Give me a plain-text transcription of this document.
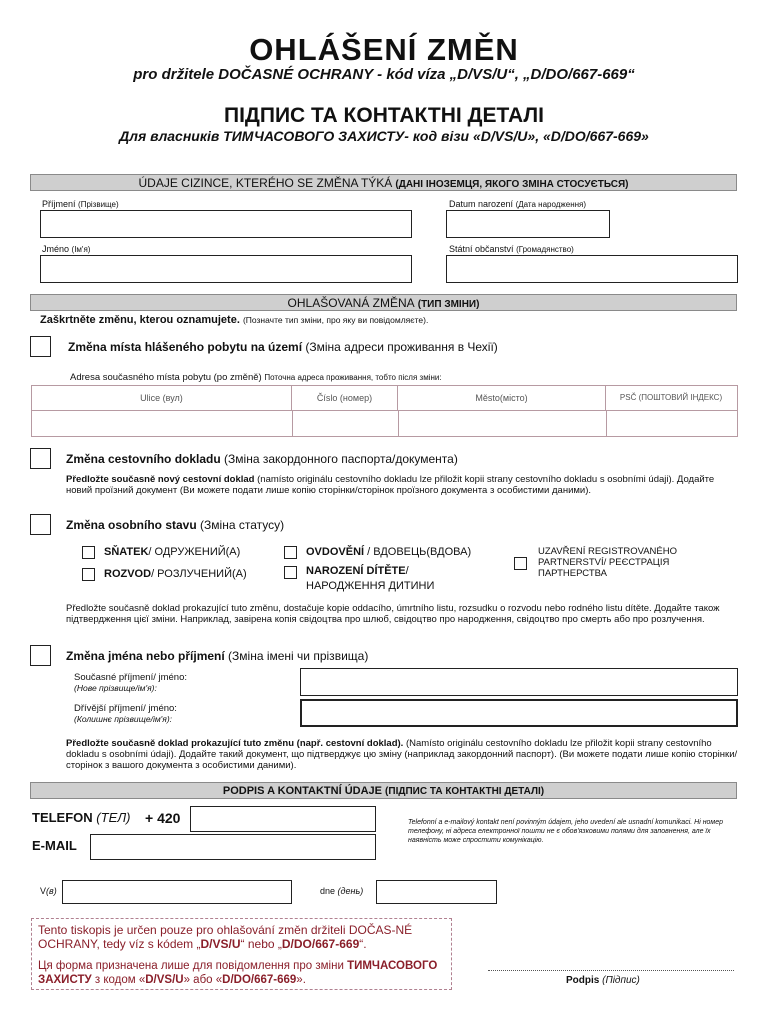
OHLÁŠENÍ ZMĚN
pro držitele DOČASNÉ OCHRANY - kód víza „D/VS/U“, „D/DO/667-669“
ПІДПИС ТА КОНТАКТНІ ДЕТАЛІ
Для власників ТИМЧАСОВОГО ЗАХИСТУ- код візи «D/VS/U», «D/DO/667-669»
ÚDAJE CIZINCE, KTERÉHO SE ZMĚNA TÝKÁ (ДАНІ ІНОЗЕМЦЯ, ЯКОГО ЗМІНА СТОСУЄТЬСЯ)
Příjmení (Прізвище)	Datum narození (Дата народження)
Jméno (Ім'я)	Státní občanství (Громадянство)
OHLAŠOVANÁ ZMĚNA (ТИП ЗМІНИ)
Zaškrtněte změnu, kterou oznamujete. (Позначте тип зміни, про яку ви повідомляєте).
Změna místa hlášeného pobytu na území (Зміна адреси проживання в Чехії)
Adresa současného místa pobytu (po změně) Поточна адреса проживання, тобто після зміни:
Ulice (вул)	Číslo (номер)	Město(місто)	PSČ (ПОШТОВИЙ ІНДЕКС)
Změna cestovního dokladu (Зміна закордонного паспорта/документа)
Předložte současně nový cestovní doklad (namísto originálu cestovního dokladu lze přiložit kopii strany cestovního dokladu s osobními údaji). Додайте новий проїзний документ (Ви можете подати лише копію сторінки/сторінок проїзного документа з особистими даними).
Změna osobního stavu (Зміна статусу)
SŇATEK/ ОДРУЖЕНИЙ(А)
ROZVOD/ РОЗЛУЧЕНИЙ(А)
OVDOVĚNÍ / ВДОВЕЦЬ(ВДОВА)
NAROZENÍ DÍTĚTE/
НАРОДЖЕННЯ ДИТИНИ
UZAVŘENÍ REGISTROVANÉHO PARTNERSTVÍ/ РЕЄСТРАЦІЯ ПАРТНЕРСТВА
Předložte současně doklad prokazující tuto změnu, dostačuje kopie oddacího, úmrtního listu, rozsudku o rozvodu nebo rodného listu dítěte. Додайте також підтвердження цієї зміни. Наприклад, завірена копія свідоцтва про шлюб, свідоцтво про народження, свідоцтво про смерть або про розлучення.
Změna jména nebo příjmení (Зміна імені чи прізвища)
Současné příjmení/ jméno:
(Нове прізвище/ім'я):
Dřívější příjmení/ jméno:
(Колишнє прізвище/ім'я):
Předložte současně doklad prokazující tuto změnu (např. cestovní doklad). (Namísto originálu cestovního dokladu lze přiložit kopii strany cestovního dokladu s osobními údaji). Додайте такий документ, що підтверджує цю зміну (наприклад закордонний паспорт). (Ви можете подати лише копію сторінки/сторінок з вашого документа з особистими даними).
PODPIS A KONTAKTNÍ ÚDAJE (ПІДПИС ТА КОНТАКТНІ ДЕТАЛІ)
TELEFON (ТЕЛ) + 420
E-MAIL
Telefonní a e-mailový kontakt není povinným údajem, jeho uvedení ale usnadní komunikaci. Ні номер телефону, ні адреса електронної пошти не є обов'язковими полями для заповнення, але їх наявність може спростити комунікацію.
V(в)	dne (день)
Podpis (Підпис)
Tento tiskopis je určen pouze pro ohlašování změn držiteli DOČAS-NÉ OCHRANY, tedy víz s kódem „D/VS/U“ nebo „D/DO/667-669“.
Ця форма призначена лише для повідомлення про зміни ТИМЧАСОВОГО ЗАХИСТУ з кодом «D/VS/U» або «D/DO/667-669».
